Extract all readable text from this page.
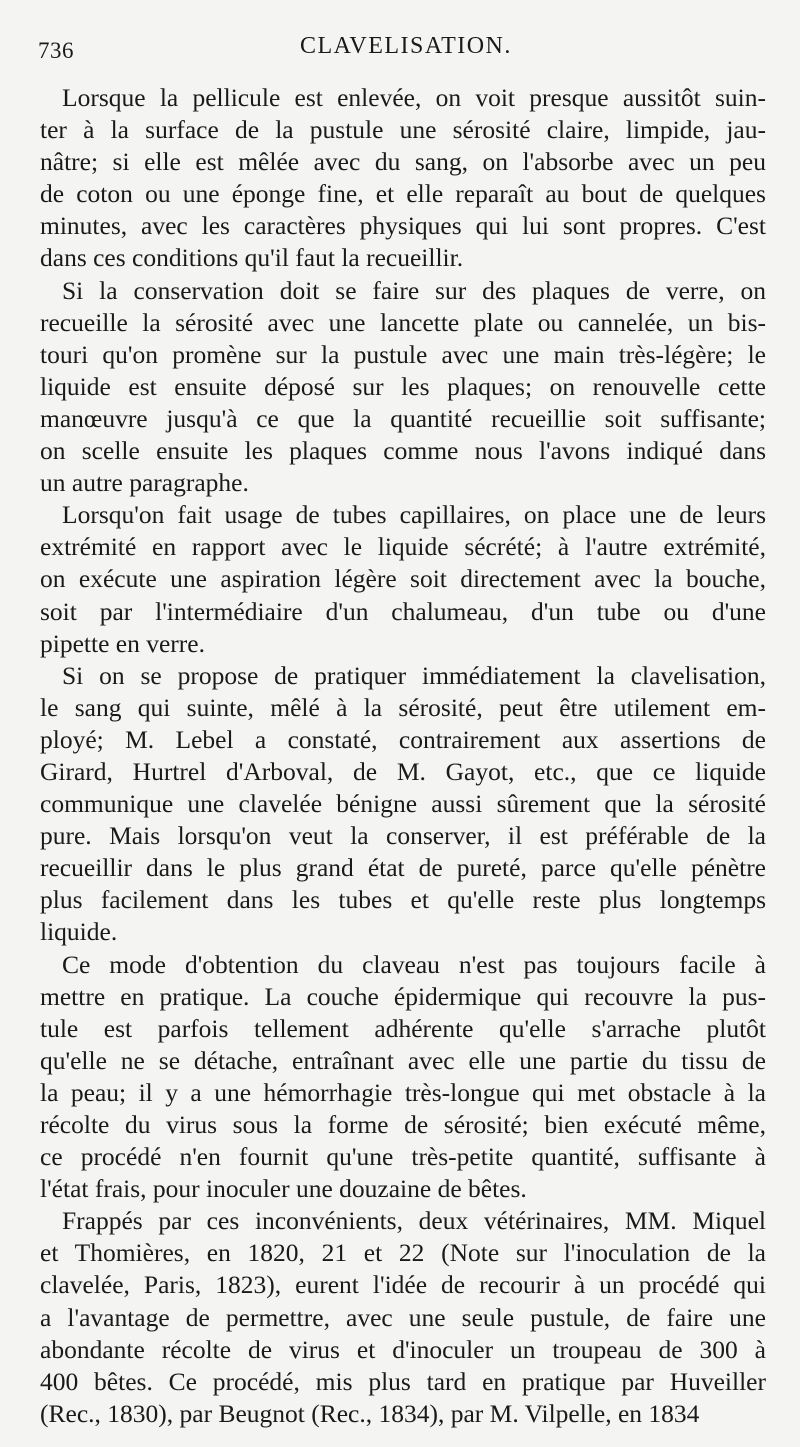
736	CLAVELISATION.
Lorsque la pellicule est enlevée, on voit presque aussitôt suin-
ter à la surface de la pustule une sérosité claire, limpide, jau-
nâtre; si elle est mêlée avec du sang, on l'absorbe avec un peu
de coton ou une éponge fine, et elle reparaît au bout de quelques
minutes, avec les caractères physiques qui lui sont propres. C'est
dans ces conditions qu'il faut la recueillir.
Si la conservation doit se faire sur des plaques de verre, on
recueille la sérosité avec une lancette plate ou cannelée, un bis-
touri qu'on promène sur la pustule avec une main très-légère; le
liquide est ensuite déposé sur les plaques; on renouvelle cette
manœuvre jusqu'à ce que la quantité recueillie soit suffisante;
on scelle ensuite les plaques comme nous l'avons indiqué dans
un autre paragraphe.
Lorsqu'on fait usage de tubes capillaires, on place une de leurs
extrémité en rapport avec le liquide sécrété; à l'autre extrémité,
on exécute une aspiration légère soit directement avec la bouche,
soit par l'intermédiaire d'un chalumeau, d'un tube ou d'une
pipette en verre.
Si on se propose de pratiquer immédiatement la clavelisation,
le sang qui suinte, mêlé à la sérosité, peut être utilement em-
ployé; M. Lebel a constaté, contrairement aux assertions de
Girard, Hurtrel d'Arboval, de M. Gayot, etc., que ce liquide
communique une clavelée bénigne aussi sûrement que la sérosité
pure. Mais lorsqu'on veut la conserver, il est préférable de la
recueillir dans le plus grand état de pureté, parce qu'elle pénètre
plus facilement dans les tubes et qu'elle reste plus longtemps
liquide.
Ce mode d'obtention du claveau n'est pas toujours facile à
mettre en pratique. La couche épidermique qui recouvre la pus-
tule est parfois tellement adhérente qu'elle s'arrache plutôt
qu'elle ne se détache, entraînant avec elle une partie du tissu de
la peau; il y a une hémorrhagie très-longue qui met obstacle à la
récolte du virus sous la forme de sérosité; bien exécuté même,
ce procédé n'en fournit qu'une très-petite quantité, suffisante à
l'état frais, pour inoculer une douzaine de bêtes.
Frappés par ces inconvénients, deux vétérinaires, MM. Miquel
et Thomières, en 1820, 21 et 22 (Note sur l'inoculation de la
clavelée, Paris, 1823), eurent l'idée de recourir à un procédé qui
a l'avantage de permettre, avec une seule pustule, de faire une
abondante récolte de virus et d'inoculer un troupeau de 300 à
400 bêtes. Ce procédé, mis plus tard en pratique par Huveiller
(Rec., 1830), par Beugnot (Rec., 1834), par M. Vilpelle, en 1834
